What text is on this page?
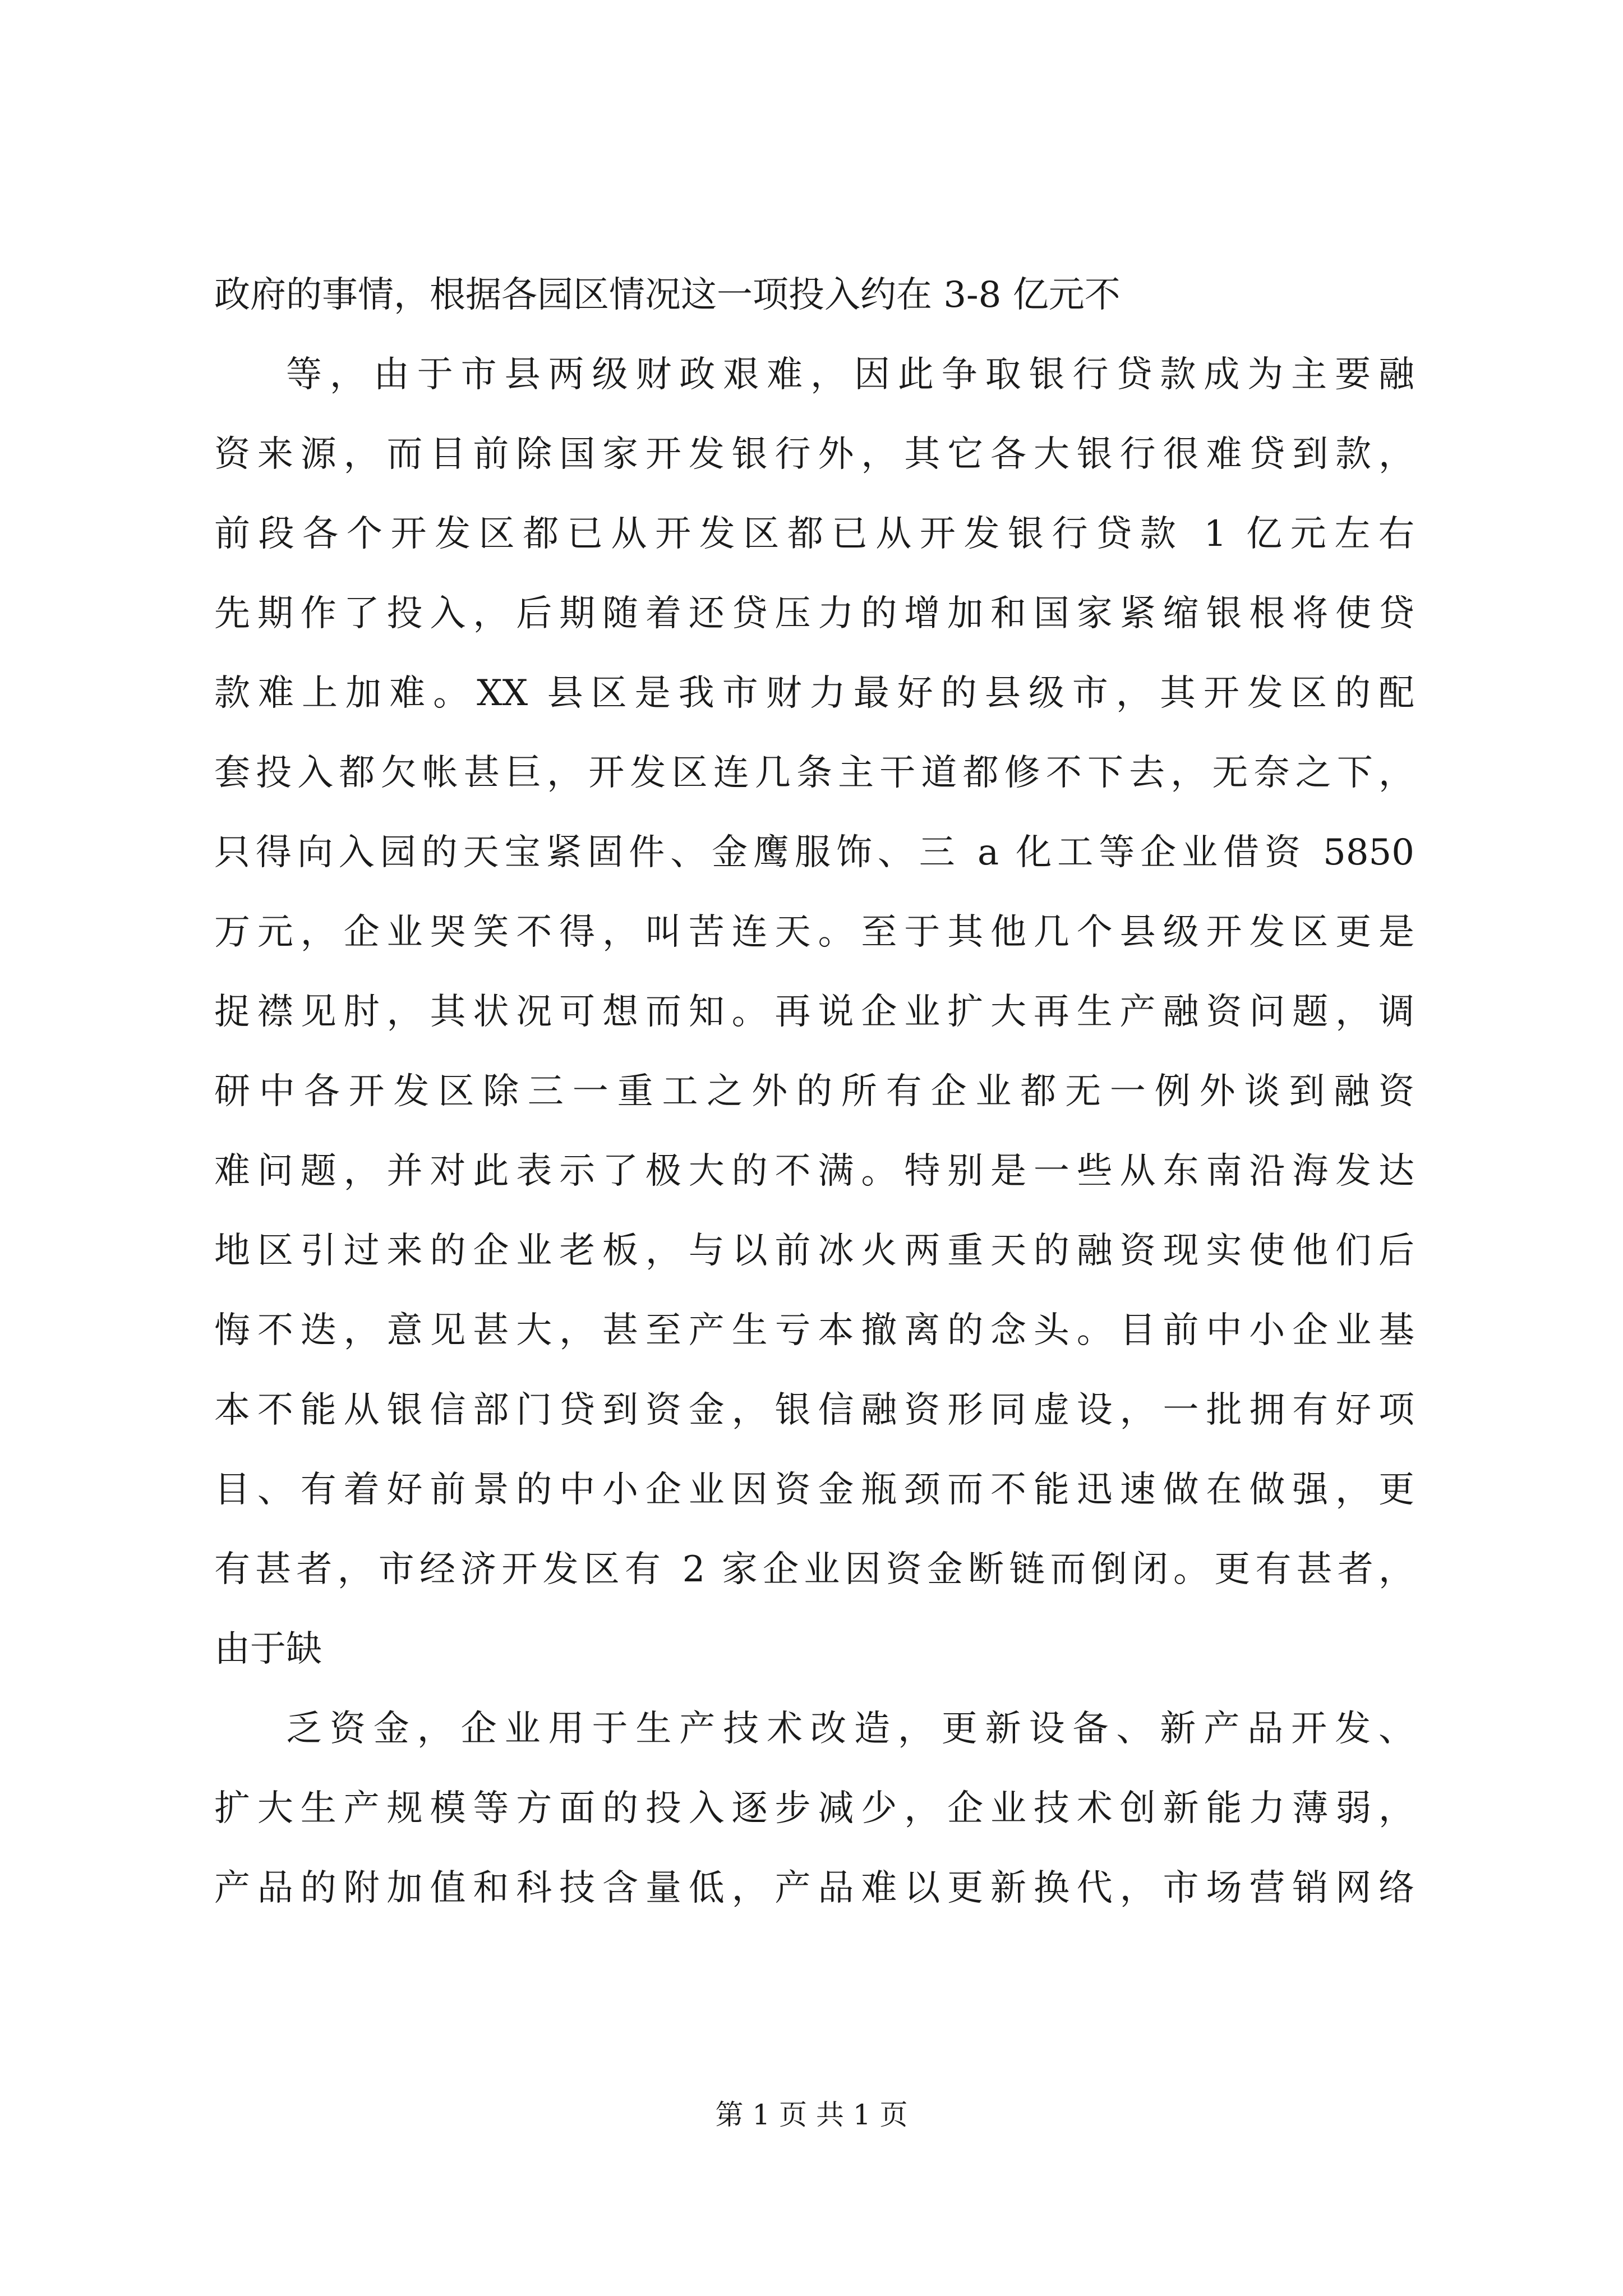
政府的事情，根据各园区情况这一项投入约在 3-8 亿元不
等，由于市县两级财政艰难，因此争取银行贷款成为主要融
资来源，而目前除国家开发银行外，其它各大银行很难贷到款，
前段各个开发区都已从开发区都已从开发银行贷款 1 亿元左右
先期作了投入，后期随着还贷压力的增加和国家紧缩银根将使贷
款难上加难。XX 县区是我市财力最好的县级市，其开发区的配
套投入都欠帐甚巨，开发区连几条主干道都修不下去，无奈之下，
只得向入园的天宝紧固件、金鹰服饰、三 a 化工等企业借资 5850
万元，企业哭笑不得，叫苦连天。至于其他几个县级开发区更是
捉襟见肘，其状况可想而知。再说企业扩大再生产融资问题，调
研中各开发区除三一重工之外的所有企业都无一例外谈到融资
难问题，并对此表示了极大的不满。特别是一些从东南沿海发达
地区引过来的企业老板，与以前冰火两重天的融资现实使他们后
悔不迭，意见甚大，甚至产生亏本撤离的念头。目前中小企业基
本不能从银信部门贷到资金，银信融资形同虚设，一批拥有好项
目、有着好前景的中小企业因资金瓶颈而不能迅速做在做强，更
有甚者，市经济开发区有 2 家企业因资金断链而倒闭。更有甚者，
由于缺
乏资金，企业用于生产技术改造，更新设备、新产品开发、
扩大生产规模等方面的投入逐步减少，企业技术创新能力薄弱，
产品的附加值和科技含量低，产品难以更新换代，市场营销网络
第 1 页 共 1 页
